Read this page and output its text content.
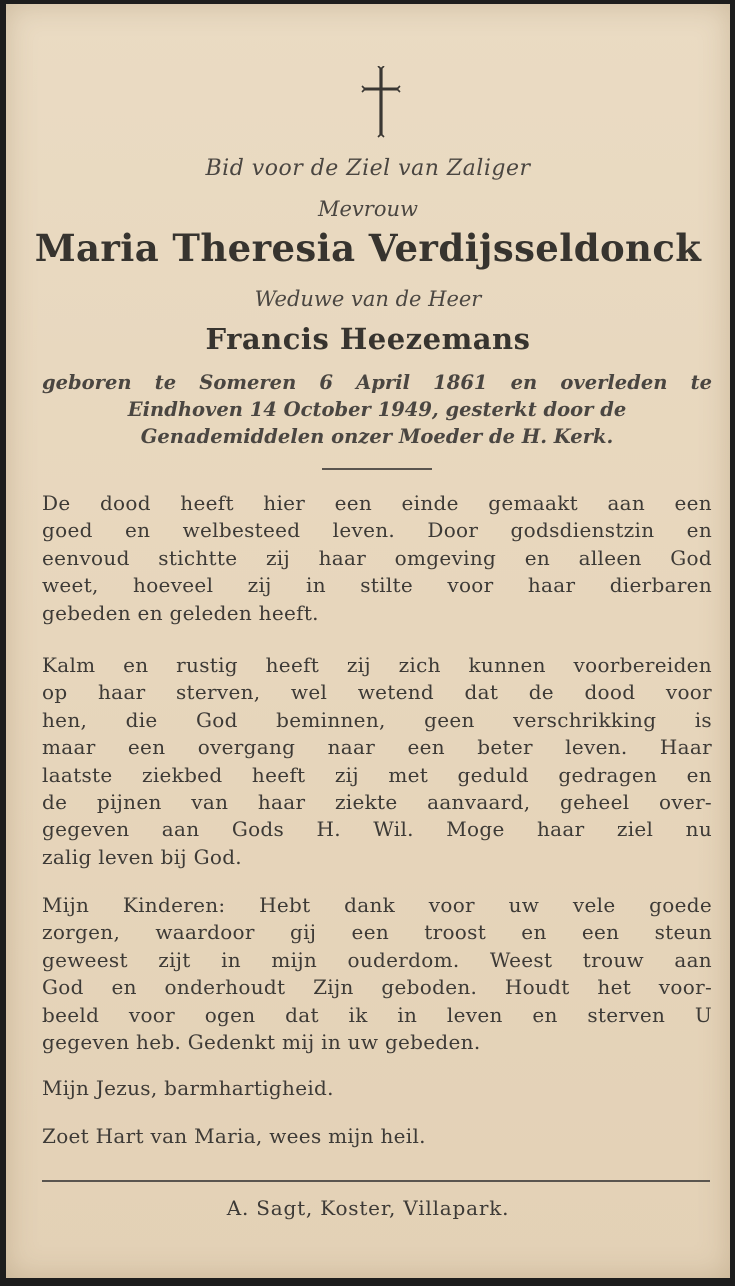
Bid voor de Ziel van Zaliger
Mevrouw
Maria Theresia Verdijsseldonck
Weduwe van de Heer
Francis Heezemans
geboren te Someren 6 April 1861 en overleden te
Eindhoven 14 October 1949, gesterkt door de
Genademiddelen onzer Moeder de H. Kerk.
De dood heeft hier een einde gemaakt aan een
goed en welbesteed leven. Door godsdienstzin en
eenvoud stichtte zij haar omgeving en alleen God
weet, hoeveel zij in stilte voor haar dierbaren
gebeden en geleden heeft.
Kalm en rustig heeft zij zich kunnen voorbereiden
op haar sterven, wel wetend dat de dood voor
hen, die God beminnen, geen verschrikking is
maar een overgang naar een beter leven. Haar
laatste ziekbed heeft zij met geduld gedragen en
de pijnen van haar ziekte aanvaard, geheel over-
gegeven aan Gods H. Wil. Moge haar ziel nu
zalig leven bij God.
Mijn Kinderen: Hebt dank voor uw vele goede
zorgen, waardoor gij een troost en een steun
geweest zijt in mijn ouderdom. Weest trouw aan
God en onderhoudt Zijn geboden. Houdt het voor-
beeld voor ogen dat ik in leven en sterven U
gegeven heb. Gedenkt mij in uw gebeden.
Mijn Jezus, barmhartigheid.
Zoet Hart van Maria, wees mijn heil.
A. Sagt, Koster, Villapark.
